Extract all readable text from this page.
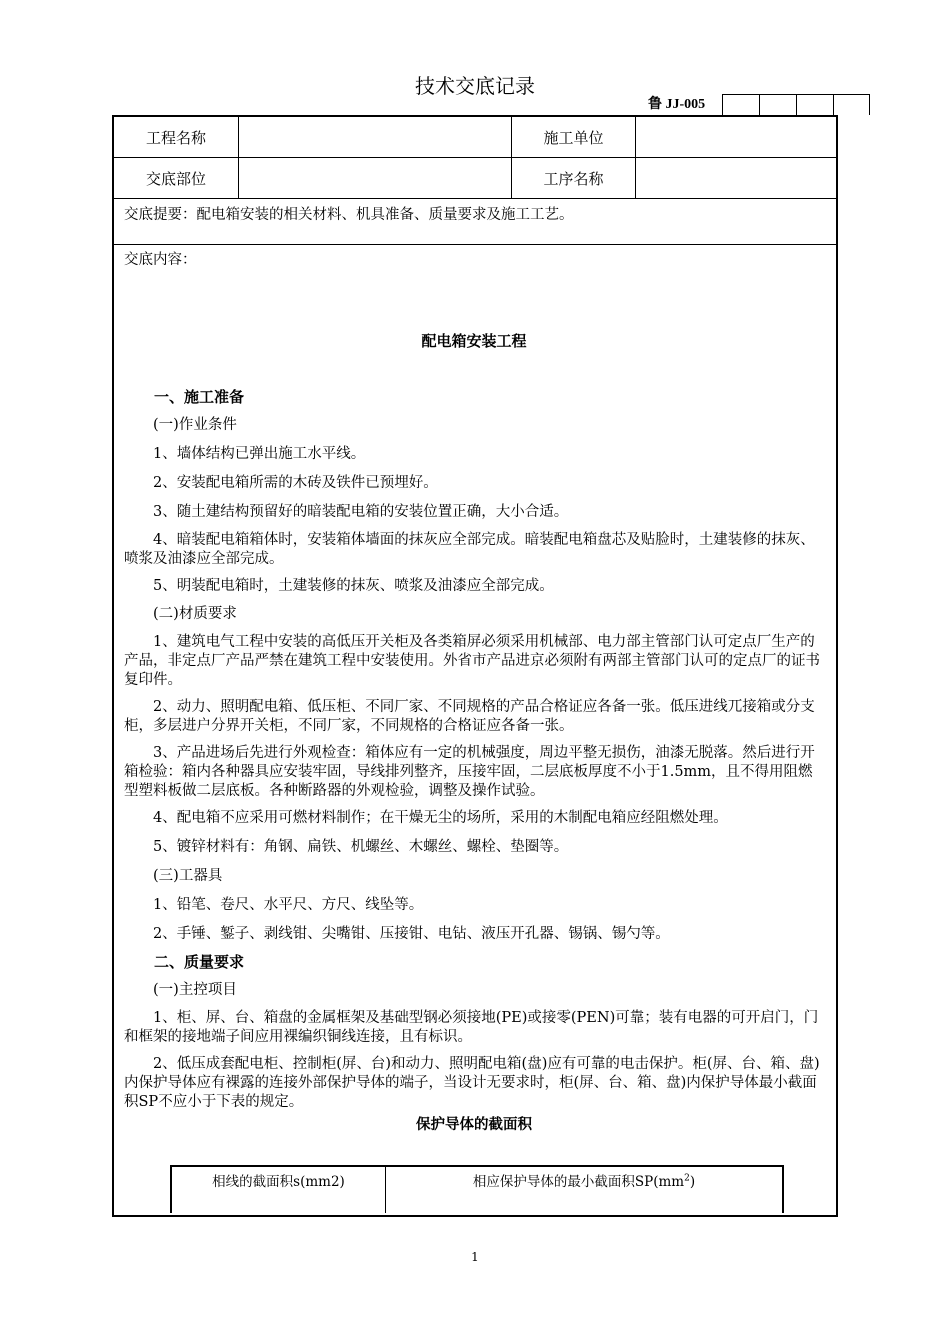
技术交底记录
鲁 JJ-005
工程名称	施工单位
交底部位	工序名称
交底提要：配电箱安装的相关材料、机具准备、质量要求及施工工艺。
交底内容：

配电箱安装工程

一、施工准备

(一)作业条件

1、墙体结构已弹出施工水平线。

2、安装配电箱所需的木砖及铁件已预埋好。

3、随土建结构预留好的暗装配电箱的安装位置正确，大小合适。

4、暗装配电箱箱体时，安装箱体墙面的抹灰应全部完成。暗装配电箱盘芯及贴脸时，土建装修的抹灰、喷浆及油漆应全部完成。

5、明装配电箱时，土建装修的抹灰、喷浆及油漆应全部完成。

(二)材质要求

1、建筑电气工程中安装的高低压开关柜及各类箱屏必须采用机械部、电力部主管部门认可定点厂生产的产品，非定点厂产品严禁在建筑工程中安装使用。外省市产品进京必须附有两部主管部门认可的定点厂的证书复印件。

2、动力、照明配电箱、低压柜、不同厂家、不同规格的产品合格证应各备一张。低压进线兀接箱或分支柜，多层进户分界开关柜，不同厂家，不同规格的合格证应各备一张。

3、产品进场后先进行外观检查：箱体应有一定的机械强度，周边平整无损伤，油漆无脱落。然后进行开箱检验：箱内各种器具应安装牢固，导线排列整齐，压接牢固，二层底板厚度不小于1.5mm，且不得用阻燃型塑料板做二层底板。各种断路器的外观检验，调整及操作试验。

4、配电箱不应采用可燃材料制作；在干燥无尘的场所，采用的木制配电箱应经阻燃处理。

5、镀锌材料有：角钢、扁铁、机螺丝、木螺丝、螺栓、垫圈等。

(三)工器具

1、铅笔、卷尺、水平尺、方尺、线坠等。

2、手锤、錾子、剥线钳、尖嘴钳、压接钳、电钻、液压开孔器、锡锅、锡勺等。

二、质量要求

(一)主控项目

1、柜、屏、台、箱盘的金属框架及基础型钢必须接地(PE)或接零(PEN)可靠；装有电器的可开启门，门和框架的接地端子间应用裸编织铜线连接，且有标识。

2、低压成套配电柜、控制柜(屏、台)和动力、照明配电箱(盘)应有可靠的电击保护。柜(屏、台、箱、盘)内保护导体应有裸露的连接外部保护导体的端子，当设计无要求时，柜(屏、台、箱、盘)内保护导体最小截面积SP不应小于下表的规定。

保护导体的截面积

相线的截面积s(mm2)	相应保护导体的最小截面积$SP(mm^2)$
1
